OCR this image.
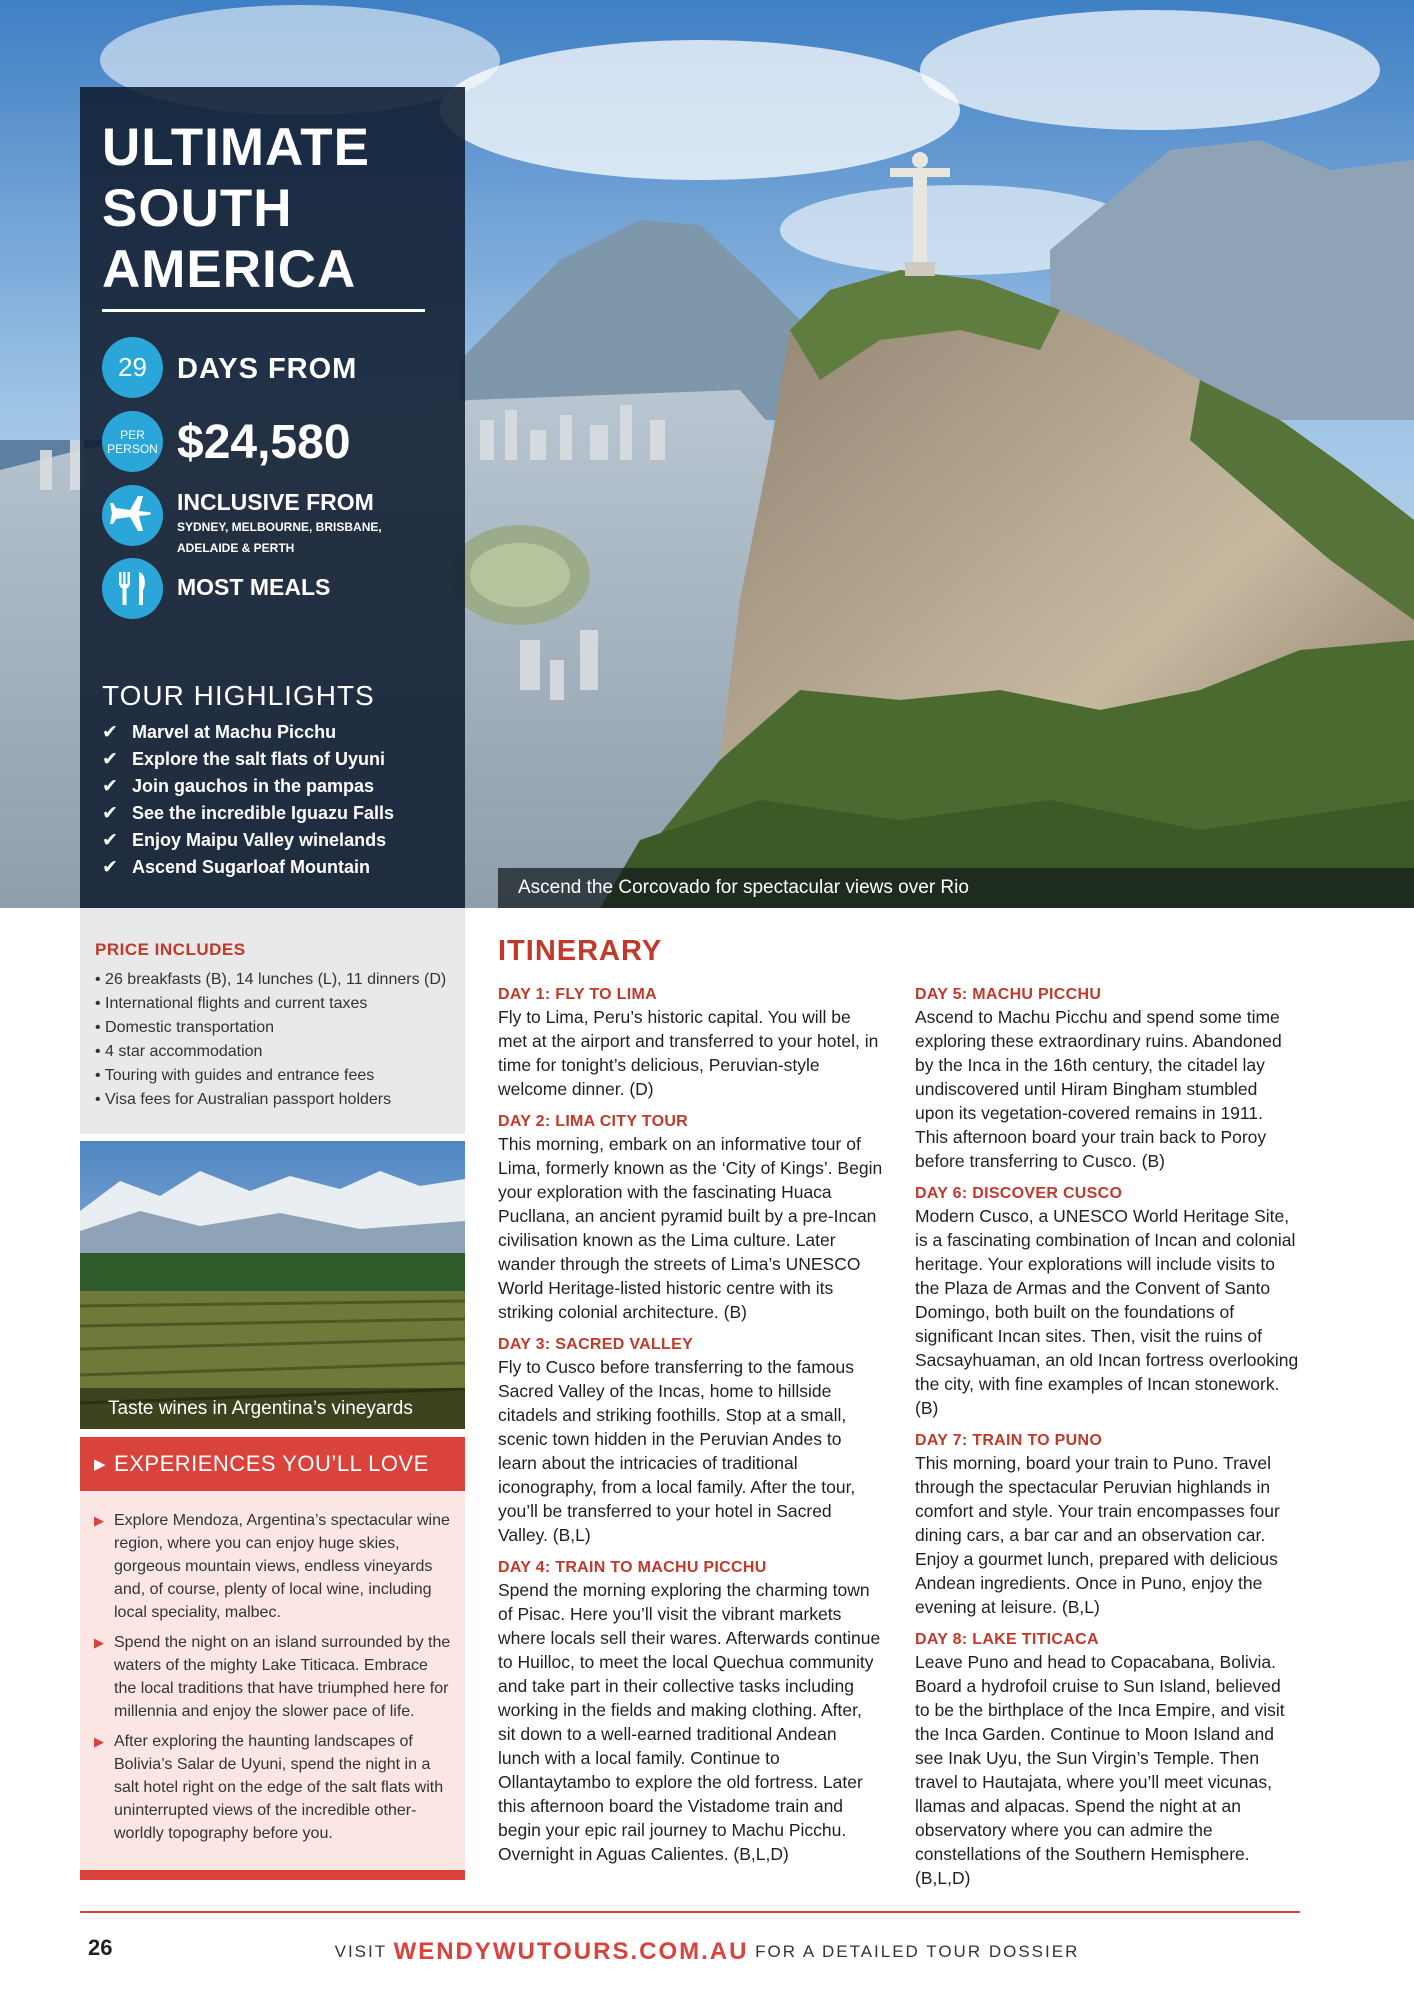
Ascend the Corcovado for spectacular views over Rio
ULTIMATE
SOUTH
AMERICA
29	DAYS FROM
PER
PERSON $24,580
INCLUSIVE FROM
SYDNEY, MELBOURNE, BRISBANE, ADELAIDE & PERTH
MOST MEALS
TOUR HIGHLIGHTS
✔ Marvel at Machu Picchu
✔ Explore the salt flats of Uyuni
✔ Join gauchos in the pampas
✔ See the incredible Iguazu Falls
✔ Enjoy Maipu Valley winelands
✔ Ascend Sugarloaf Mountain
PRICE INCLUDES
• 26 breakfasts (B), 14 lunches (L), 11 dinners (D)
• International flights and current taxes
• Domestic transportation
• 4 star accommodation
• Touring with guides and entrance fees
• Visa fees for Australian passport holders
Taste wines in Argentina’s vineyards
▶ EXPERIENCES YOU’LL LOVE
▶ Explore Mendoza, Argentina’s spectacular wine region, where you can enjoy huge skies, gorgeous mountain views, endless vineyards and, of course, plenty of local wine, including local speciality, malbec.
▶ Spend the night on an island surrounded by the waters of the mighty Lake Titicaca. Embrace the local traditions that have triumphed here for millennia and enjoy the slower pace of life.
▶ After exploring the haunting landscapes of Bolivia’s Salar de Uyuni, spend the night in a salt hotel right on the edge of the salt flats with uninterrupted views of the incredible other-worldly topography before you.
ITINERARY
DAY 1: FLY TO LIMA
Fly to Lima, Peru’s historic capital. You will be met at the airport and transferred to your hotel, in time for tonight’s delicious, Peruvian-style welcome dinner. (D)
DAY 2: LIMA CITY TOUR
This morning, embark on an informative tour of Lima, formerly known as the ‘City of Kings’. Begin your exploration with the fascinating Huaca Pucllana, an ancient pyramid built by a pre-Incan civilisation known as the Lima culture. Later wander through the streets of Lima’s UNESCO World Heritage-listed historic centre with its striking colonial architecture. (B)
DAY 3: SACRED VALLEY
Fly to Cusco before transferring to the famous Sacred Valley of the Incas, home to hillside citadels and striking foothills. Stop at a small, scenic town hidden in the Peruvian Andes to learn about the intricacies of traditional iconography, from a local family. After the tour, you’ll be transferred to your hotel in Sacred Valley. (B,L)
DAY 4: TRAIN TO MACHU PICCHU
Spend the morning exploring the charming town of Pisac. Here you’ll visit the vibrant markets where locals sell their wares. Afterwards continue to Huilloc, to meet the local Quechua community and take part in their collective tasks including working in the fields and making clothing. After, sit down to a well-earned traditional Andean lunch with a local family. Continue to Ollantaytambo to explore the old fortress. Later this afternoon board the Vistadome train and begin your epic rail journey to Machu Picchu. Overnight in Aguas Calientes. (B,L,D)
DAY 5: MACHU PICCHU
Ascend to Machu Picchu and spend some time exploring these extraordinary ruins. Abandoned by the Inca in the 16th century, the citadel lay undiscovered until Hiram Bingham stumbled upon its vegetation-covered remains in 1911. This afternoon board your train back to Poroy before transferring to Cusco. (B)
DAY 6: DISCOVER CUSCO
Modern Cusco, a UNESCO World Heritage Site, is a fascinating combination of Incan and colonial heritage. Your explorations will include visits to the Plaza de Armas and the Convent of Santo Domingo, both built on the foundations of significant Incan sites. Then, visit the ruins of Sacsayhuaman, an old Incan fortress overlooking the city, with fine examples of Incan stonework. (B)
DAY 7: TRAIN TO PUNO
This morning, board your train to Puno. Travel through the spectacular Peruvian highlands in comfort and style. Your train encompasses four dining cars, a bar car and an observation car. Enjoy a gourmet lunch, prepared with delicious Andean ingredients. Once in Puno, enjoy the evening at leisure. (B,L)
DAY 8: LAKE TITICACA
Leave Puno and head to Copacabana, Bolivia. Board a hydrofoil cruise to Sun Island, believed to be the birthplace of the Inca Empire, and visit the Inca Garden. Continue to Moon Island and see Inak Uyu, the Sun Virgin’s Temple. Then travel to Hautajata, where you’ll meet vicunas, llamas and alpacas. Spend the night at an observatory where you can admire the constellations of the Southern Hemisphere. (B,L,D)
26	VISIT WENDYWUTOURS.COM.AU FOR A DETAILED TOUR DOSSIER
